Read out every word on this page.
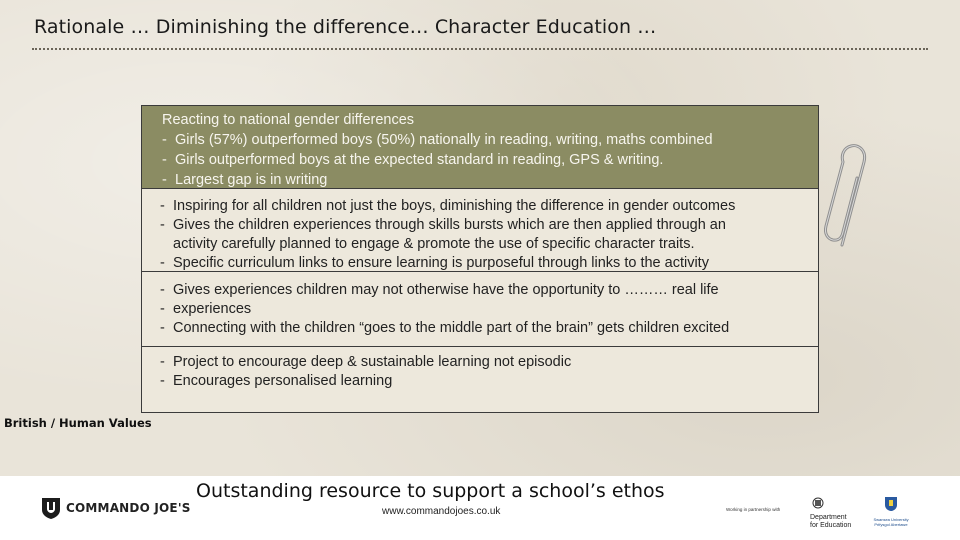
Rationale … Diminishing the difference… Character Education …
Reacting to national gender differences
- Girls (57%) outperformed boys (50%) nationally in reading, writing, maths combined
- Girls outperformed boys at the expected standard in reading, GPS & writing.
- Largest gap is in writing
- Inspiring for all children not just the boys, diminishing the difference in gender outcomes
- Gives the children experiences through skills bursts which are then applied through an
activity carefully planned to engage & promote the use of specific character traits.
- Specific curriculum links to ensure learning is purposeful through links to the activity
- Gives experiences children may not otherwise have the opportunity to ……… real life
- experiences
- Connecting with the children “goes to the middle part of the brain” gets children excited
- Project to encourage deep & sustainable learning not episodic
- Encourages personalised learning
British / Human Values
COMMANDO JOE'S
Outstanding resource to support a school’s ethos
www.commandojoes.co.uk	Working in partnership with
Department
for Education
Swansea University
Prifysgol Abertawe
